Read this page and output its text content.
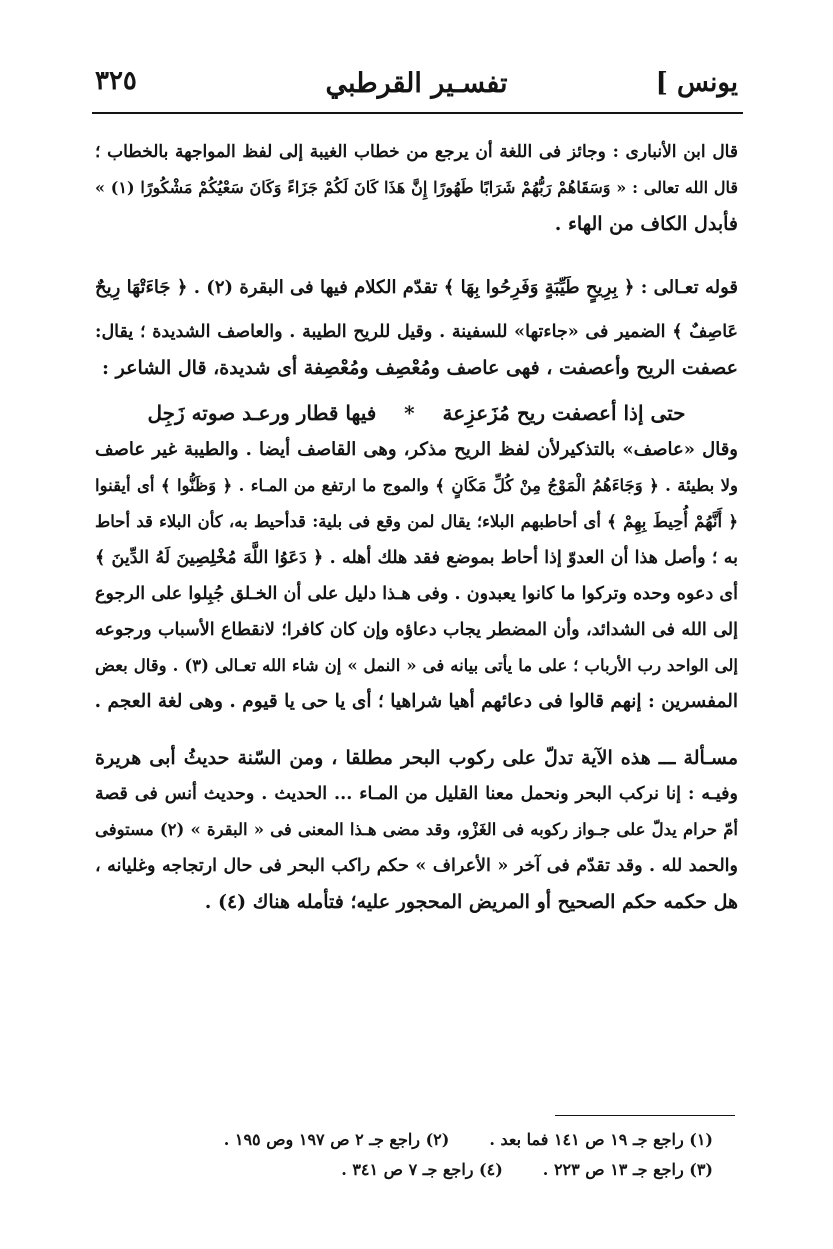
يونس ]
تفسـير القرطبي
٣٢٥

قال ابن الأنبارى : وجائز فى اللغة أن يرجع من خطاب الغيبة إلى لفظ المواجهة بالخطاب ؛

قال الله تعالى : « وَسَقَاهُمْ رَبُّهُمْ شَرَابًا طَهُورًا إِنَّ هَذَا كَانَ لَكُمْ جَزَاءً وَكَانَ سَعْيُكُمْ مَشْكُورًا (١) »

فأبدل الكاف من الهاء .

قوله تعـالى : ﴿ بِرِيحٍ طَيِّبَةٍ وَفَرِحُوا بِهَا ﴾ تقدّم الكلام فيها فى البقرة (٢) . ﴿ جَاءَتْهَا رِيحٌ

عَاصِفٌ ﴾ الضمير فى «جاءتها» للسفينة . وقيل للريح الطيبة . والعاصف الشديدة ؛ يقال:

عصفت الريح وأعصفت ، فهى عاصف ومُعْصِف ومُعْصِفة أى شديدة، قال الشاعر :

حتى إذا أعصفت ريح مُزَعزِعة    *    فيها قطار ورعـد صوته زَجِل

وقال «عاصف» بالتذكيرلأن لفظ الريح مذكر، وهى القاصف أيضا . والطيبة غير عاصف

ولا بطيئة . ﴿ وَجَاءَهُمُ الْمَوْجُ مِنْ كُلِّ مَكَانٍ ﴾ والموج ما ارتفع من المـاء . ﴿ وَظَنُّوا ﴾ أى أيقنوا

﴿ أَنَّهُمْ أُحِيطَ بِهِمْ ﴾ أى أحاطبهم البلاء؛ يقال لمن وقع فى بلية: قدأحيط به، كأن البلاء قد أحاط

به ؛ وأصل هذا أن العدوّ إذا أحاط بموضع فقد هلك أهله . ﴿ دَعَوُا اللَّهَ مُخْلِصِينَ لَهُ الدِّينَ ﴾

أى دعوه وحده وتركوا ما كانوا يعبدون . وفى هـذا دليل على أن الخـلق جُبِلوا على الرجوع

إلى الله فى الشدائد، وأن المضطر يجاب دعاؤه وإن كان كافرا؛ لانقطاع الأسباب ورجوعه

إلى الواحد رب الأرباب ؛ على ما يأتى بيانه فى « النمل » إن شاء الله تعـالى (٣) . وقال بعض

المفسرين : إنهم قالوا فى دعائهم أهيا شراهيا ؛ أى يا حى يا قيوم . وهى لغة العجم .

مسـألة ـــ هذه الآية تدلّ على ركوب البحر مطلقا ، ومن السّنة حديثُ أبى هريرة

وفيـه : إنا نركب البحر ونحمل معنا القليل من المـاء ... الحديث . وحديث أنس فى قصة

أمّ حرام يدلّ على جـواز ركوبه فى الغَزْو، وقد مضى هـذا المعنى فى « البقرة » (٢) مستوفى

والحمد لله . وقد تقدّم فى آخر « الأعراف » حكم راكب البحر فى حال ارتجاجه وغليانه ،

هل حكمه حكم الصحيح أو المريض المحجور عليه؛ فتأمله هناك (٤) .

(١) راجع جـ ١٩ ص ١٤١ فما بعد .
(٢) راجع جـ ٢ ص ١٩٧ وص ١٩٥ .
(٣) راجع جـ ١٣ ص ٢٢٣ .
(٤) راجع جـ ٧ ص ٣٤١ .
